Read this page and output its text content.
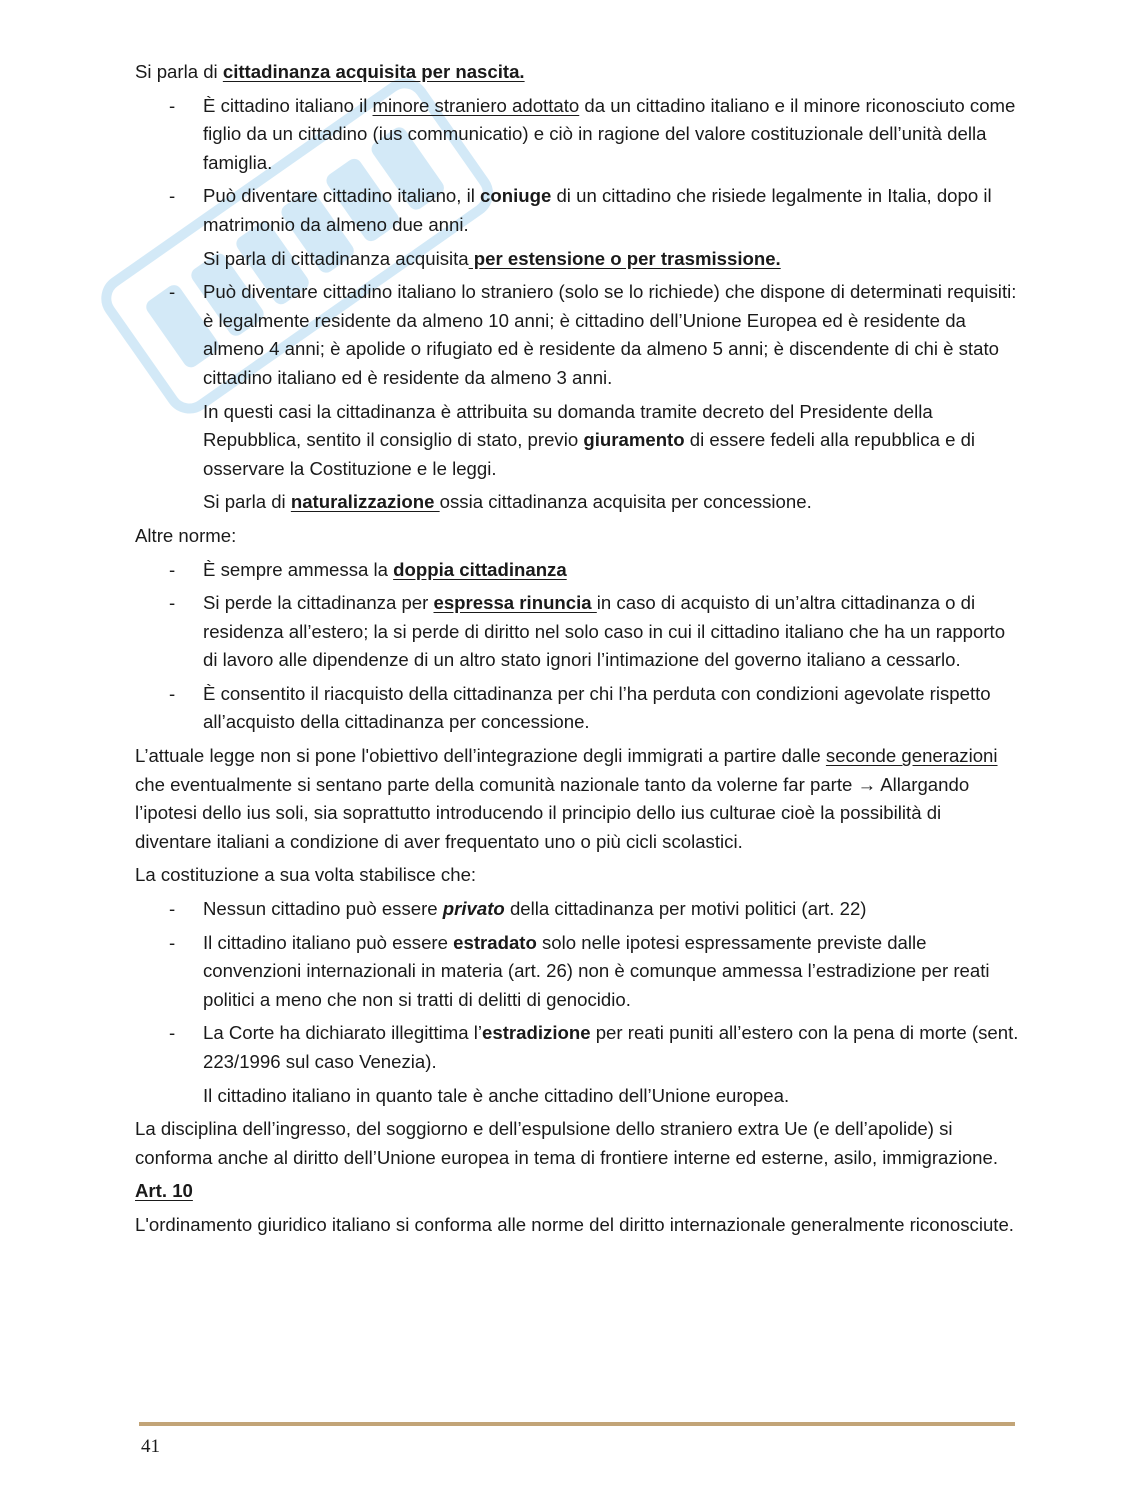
Si parla di cittadinanza acquisita per nascita.

- È cittadino italiano il minore straniero adottato da un cittadino italiano e il minore riconosciuto come figlio da un cittadino (ius communicatio) e ciò in ragione del valore costituzionale dell’unità della famiglia.
- Può diventare cittadino italiano, il coniuge di un cittadino che risiede legalmente in Italia, dopo il matrimonio da almeno due anni.

Si parla di cittadinanza acquisita per estensione o per trasmissione.

- Può diventare cittadino italiano lo straniero (solo se lo richiede) che dispone di determinati requisiti: è legalmente residente da almeno 10 anni; è cittadino dell’Unione Europea ed è residente da almeno 4 anni; è apolide o rifugiato ed è residente da almeno 5 anni; è discendente di chi è stato cittadino italiano ed è residente da almeno 3 anni.

In questi casi la cittadinanza è attribuita su domanda tramite decreto del Presidente della Repubblica, sentito il consiglio di stato, previo giuramento di essere fedeli alla repubblica e di osservare la Costituzione e le leggi.

Si parla di naturalizzazione ossia cittadinanza acquisita per concessione.

Altre norme:

- È sempre ammessa la doppia cittadinanza
- Si perde la cittadinanza per espressa rinuncia in caso di acquisto di un’altra cittadinanza o di residenza all’estero; la si perde di diritto nel solo caso in cui il cittadino italiano che ha un rapporto di lavoro alle dipendenze di un altro stato ignori l’intimazione del governo italiano a cessarlo.
- È consentito il riacquisto della cittadinanza per chi l’ha perduta con condizioni agevolate rispetto all’acquisto della cittadinanza per concessione.

L’attuale legge non si pone l'obiettivo dell’integrazione degli immigrati a partire dalle seconde generazioni che eventualmente si sentano parte della comunità nazionale tanto da volerne far parte → Allargando l’ipotesi dello ius soli, sia soprattutto introducendo il principio dello ius culturae cioè la possibilità di diventare italiani a condizione di aver frequentato uno o più cicli scolastici.

La costituzione a sua volta stabilisce che:

- Nessun cittadino può essere privato della cittadinanza per motivi politici (art. 22)
- Il cittadino italiano può essere estradato solo nelle ipotesi espressamente previste dalle convenzioni internazionali in materia (art. 26) non è comunque ammessa l’estradizione per reati politici a meno che non si tratti di delitti di genocidio.
- La Corte ha dichiarato illegittima l’estradizione per reati puniti all’estero con la pena di morte (sent. 223/1996 sul caso Venezia).

Il cittadino italiano in quanto tale è anche cittadino dell’Unione europea.

La disciplina dell’ingresso, del soggiorno e dell’espulsione dello straniero extra Ue (e dell’apolide) si conforma anche al diritto dell’Unione europea in tema di frontiere interne ed esterne, asilo, immigrazione.

Art. 10

L'ordinamento giuridico italiano si conforma alle norme del diritto internazionale generalmente riconosciute.

41
